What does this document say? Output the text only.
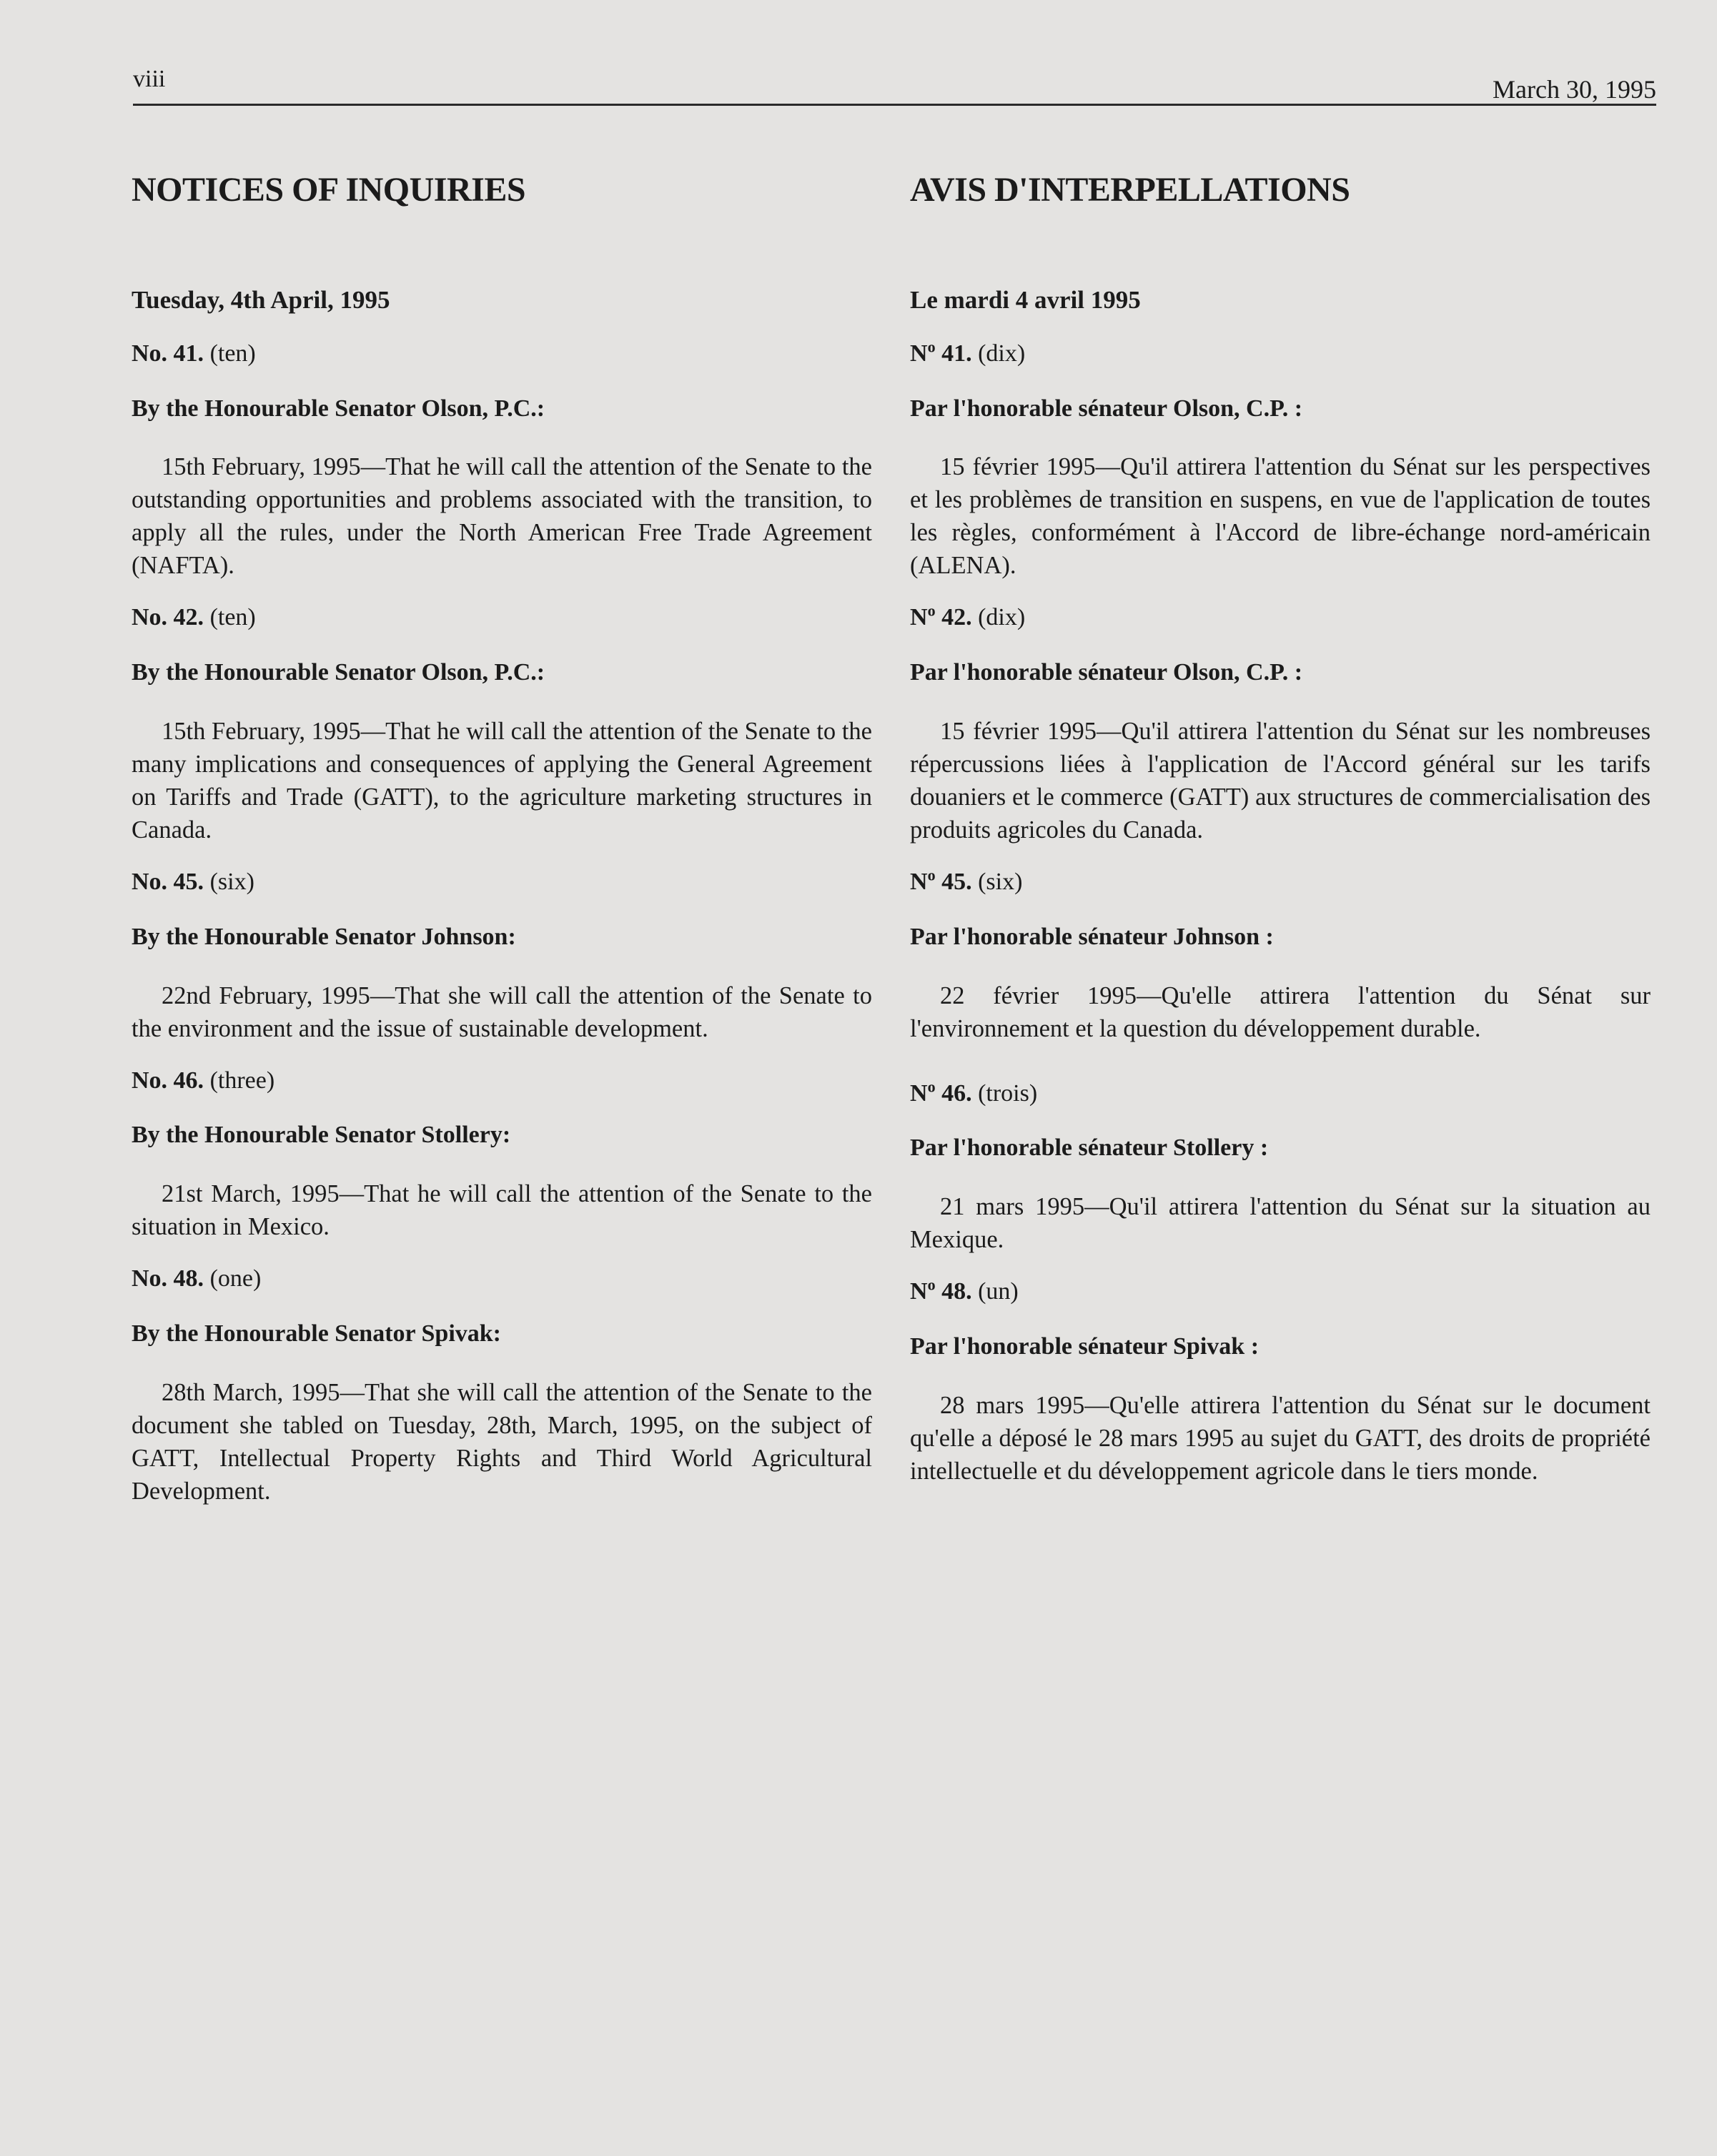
viii	March 30, 1995
NOTICES OF INQUIRIES
Tuesday, 4th April, 1995
No. 41. (ten)
By the Honourable Senator Olson, P.C.:

15th February, 1995—That he will call the attention of the Senate to the outstanding opportunities and problems associated with the transition, to apply all the rules, under the North American Free Trade Agreement (NAFTA).

No. 42. (ten)
By the Honourable Senator Olson, P.C.:

15th February, 1995—That he will call the attention of the Senate to the many implications and consequences of applying the General Agreement on Tariffs and Trade (GATT), to the agriculture marketing structures in Canada.

No. 45. (six)
By the Honourable Senator Johnson:

22nd February, 1995—That she will call the attention of the Senate to the environment and the issue of sustainable development.

No. 46. (three)
By the Honourable Senator Stollery:

21st March, 1995—That he will call the attention of the Senate to the situation in Mexico.

No. 48. (one)
By the Honourable Senator Spivak:

28th March, 1995—That she will call the attention of the Senate to the document she tabled on Tuesday, 28th, March, 1995, on the subject of GATT, Intellectual Property Rights and Third World Agricultural Development.

AVIS D'INTERPELLATIONS
Le mardi 4 avril 1995
$N^o$ 41. (dix)
Par l'honorable sénateur Olson, C.P. :

15 février 1995—Qu'il attirera l'attention du Sénat sur les perspectives et les problèmes de transition en suspens, en vue de l'application de toutes les règles, conformément à l'Accord de libre-échange nord-américain (ALENA).

$N^o$ 42. (dix)
Par l'honorable sénateur Olson, C.P. :

15 février 1995—Qu'il attirera l'attention du Sénat sur les nombreuses répercussions liées à l'application de l'Accord général sur les tarifs douaniers et le commerce (GATT) aux structures de commercialisation des produits agricoles du Canada.

$N^o$ 45. (six)
Par l'honorable sénateur Johnson :

22 février 1995—Qu'elle attirera l'attention du Sénat sur l'environnement et la question du développement durable.

$N^o$ 46. (trois)
Par l'honorable sénateur Stollery :

21 mars 1995—Qu'il attirera l'attention du Sénat sur la situation au Mexique.

$N^o$ 48. (un)
Par l'honorable sénateur Spivak :

28 mars 1995—Qu'elle attirera l'attention du Sénat sur le document qu'elle a déposé le 28 mars 1995 au sujet du GATT, des droits de propriété intellectuelle et du développement agricole dans le tiers monde.
